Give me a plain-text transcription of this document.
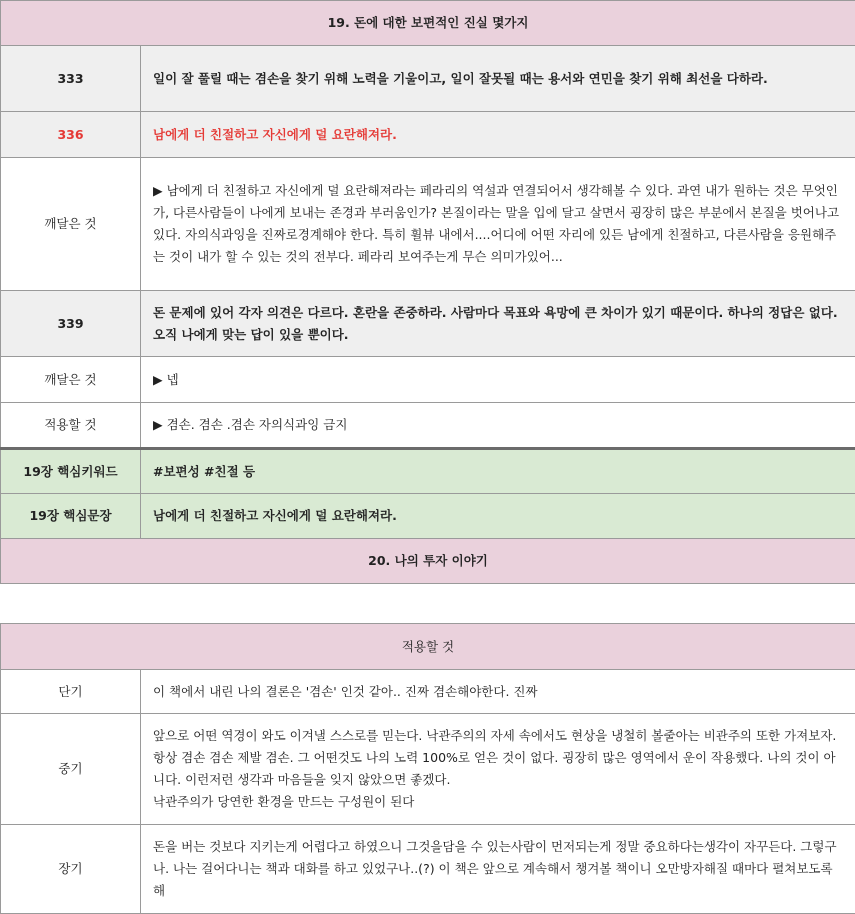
19. 돈에 대한 보편적인 진실 몇가지	
333	일이 잘 풀릴 때는 겸손을 찾기 위해 노력을 기울이고, 일이 잘못될 때는 용서와 연민을 찾기 위해 최선을 다하라.
336	남에게 더 친절하고 자신에게 덜 요란해져라.
깨달은 것	▶ 남에게 더 친절하고 자신에게 덜 요란해져라는 페라리의 역설과 연결되어서 생각해볼 수 있다. 과연 내가 원하는 것은 무엇인가, 다른사람들이 나에게 보내는 존경과 부러움인가? 본질이라는 말을 입에 달고 살면서 굉장히 많은 부분에서 본질을 벗어나고 있다. 자의식과잉을 진짜로경계해야 한다. 특히 휠뷰 내에서....어디에 어떤 자리에 있든 남에게 친절하고, 다른사람을 응원해주는 것이 내가 할 수 있는 것의 전부다. 페라리 보여주는게 무슨 의미가있어...
339	돈 문제에 있어 각자 의견은 다르다. 혼란을 존중하라. 사람마다 목표와 욕망에 큰 차이가 있기 때문이다. 하나의 정답은 없다. 오직 나에게 맞는 답이 있을 뿐이다.
깨달은 것	▶ 넵
적용할 것	▶ 겸손. 겸손 .겸손 자의식과잉 금지
19장 핵심키워드	#보편성 #친절 등
19장 핵심문장	남에게 더 친절하고 자신에게 덜 요란해져라.
20. 나의 투자 이야기	
적용할 것	
단기	이 책에서 내린 나의 결론은 '겸손' 인것 같아.. 진짜 겸손해야한다. 진짜
중기	앞으로 어떤 역경이 와도 이겨낼 스스로를 믿는다. 낙관주의의 자세 속에서도 현상을 냉철히 볼줄아는 비관주의 또한 가져보자. 항상 겸손 겸손 제발 겸손. 그 어떤것도 나의 노력 100%로 얻은 것이 없다. 굉장히 많은 영역에서 운이 작용했다. 나의 것이 아니다. 이런저런 생각과 마음들을 잊지 않았으면 좋겠다.
낙관주의가 당연한 환경을 만드는 구성원이 된다

장기	돈을 버는 것보다 지키는게 어렵다고 하였으니 그것을담을 수 있는사람이 먼저되는게 정말 중요하다는생각이 자꾸든다. 그렇구나. 나는 걸어다니는 책과 대화를 하고 있었구나..(?) 이 책은 앞으로 계속해서 챙겨볼 책이니 오만방자해질 때마다 펼쳐보도록 해
